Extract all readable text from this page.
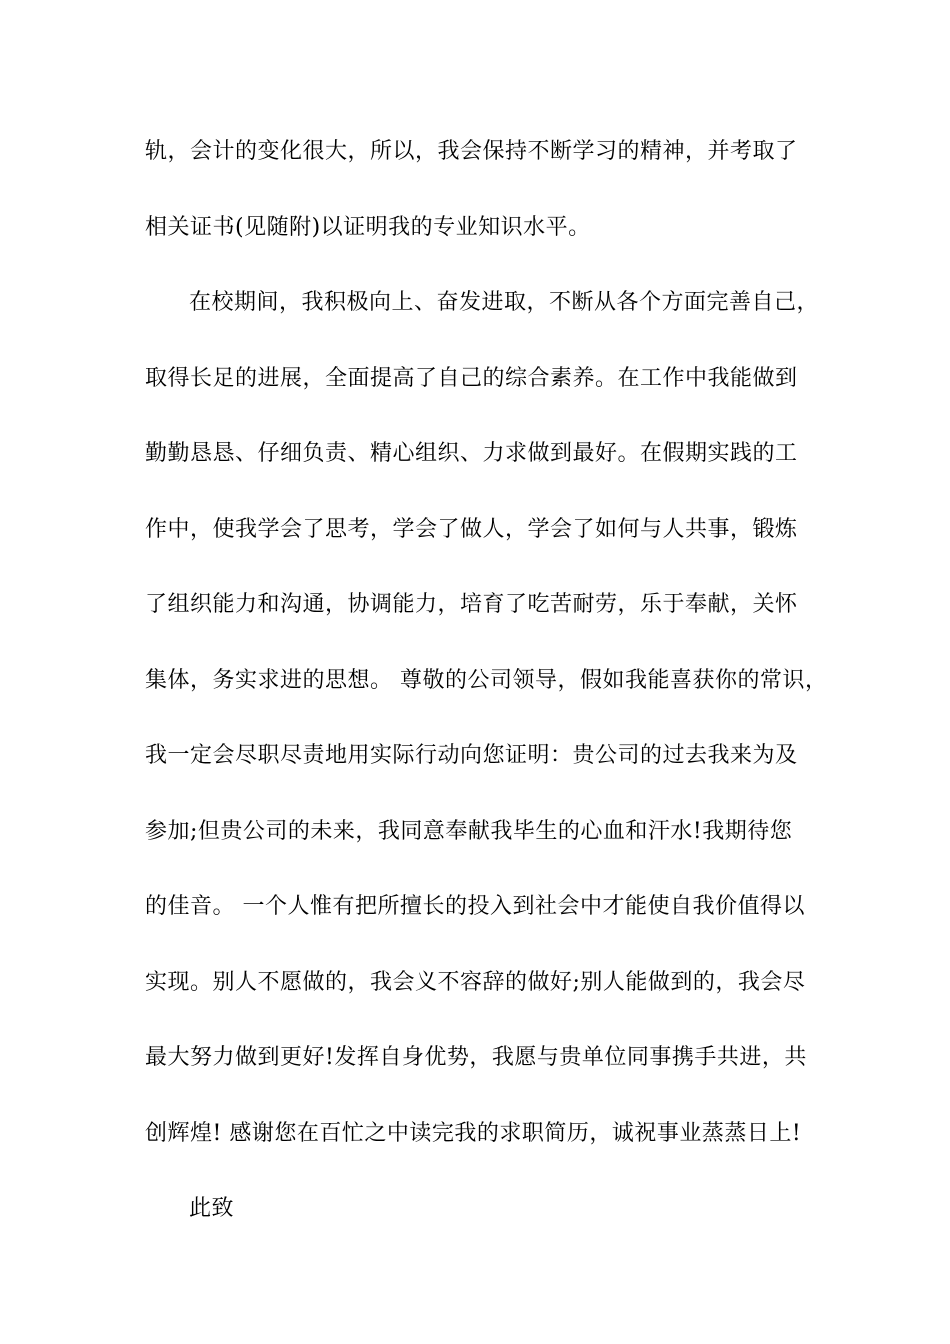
轨，会计的变化很大，所以，我会保持不断学习的精神，并考取了
相关证书(见随附)以证明我的专业知识水平。
在校期间，我积极向上、奋发进取，不断从各个方面完善自己，
取得长足的进展，全面提高了自己的综合素养。在工作中我能做到
勤勤恳恳、仔细负责、精心组织、力求做到最好。在假期实践的工
作中，使我学会了思考，学会了做人，学会了如何与人共事，锻炼
了组织能力和沟通，协调能力，培育了吃苦耐劳，乐于奉献，关怀
集体，务实求进的思想。 尊敬的公司领导，假如我能喜获你的常识，
我一定会尽职尽责地用实际行动向您证明：贵公司的过去我来为及
参加;但贵公司的未来，我同意奉献我毕生的心血和汗水!我期待您
的佳音。 一个人惟有把所擅长的投入到社会中才能使自我价值得以
实现。别人不愿做的，我会义不容辞的做好;别人能做到的，我会尽
最大努力做到更好!发挥自身优势，我愿与贵单位同事携手共进，共
创辉煌! 感谢您在百忙之中读完我的求职简历，诚祝事业蒸蒸日上!
此致
